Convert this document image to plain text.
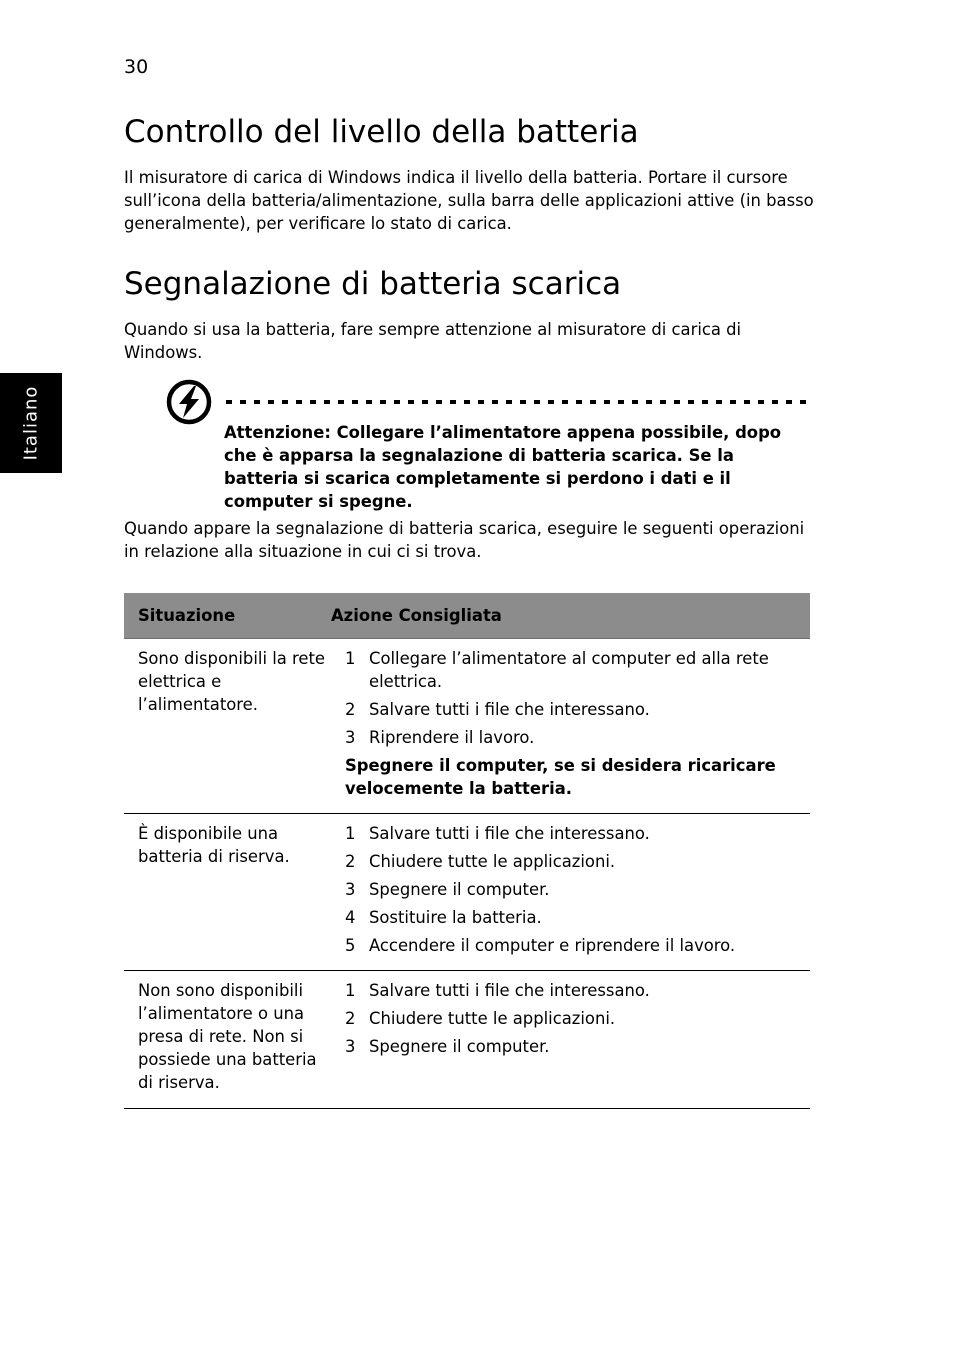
30
Italiano
Controllo del livello della batteria

Il misuratore di carica di Windows indica il livello della batteria. Portare il cursore sull’icona della batteria/alimentazione, sulla barra delle applicazioni attive (in basso generalmente), per verificare lo stato di carica.

Segnalazione di batteria scarica

Quando si usa la batteria, fare sempre attenzione al misuratore di carica di Windows.

Attenzione: Collegare l’alimentatore appena possibile, dopo che è apparsa la segnalazione di batteria scarica. Se la batteria si scarica completamente si perdono i dati e il computer si spegne.

Quando appare la segnalazione di batteria scarica, eseguire le seguenti operazioni in relazione alla situazione in cui ci si trova.

Situazione	Azione Consigliata
Sono disponibili la rete elettrica e l’alimentatore.
1 Collegare l’alimentatore al computer ed alla rete elettrica.
2 Salvare tutti i file che interessano.
3 Riprendere il lavoro.
Spegnere il computer, se si desidera ricaricare velocemente la batteria.
È disponibile una batteria di riserva.
1 Salvare tutti i file che interessano.
2 Chiudere tutte le applicazioni.
3 Spegnere il computer.
4 Sostituire la batteria.
5 Accendere il computer e riprendere il lavoro.
Non sono disponibili l’alimentatore o una presa di rete. Non si possiede una batteria di riserva.
1 Salvare tutti i file che interessano.
2 Chiudere tutte le applicazioni.
3 Spegnere il computer.
